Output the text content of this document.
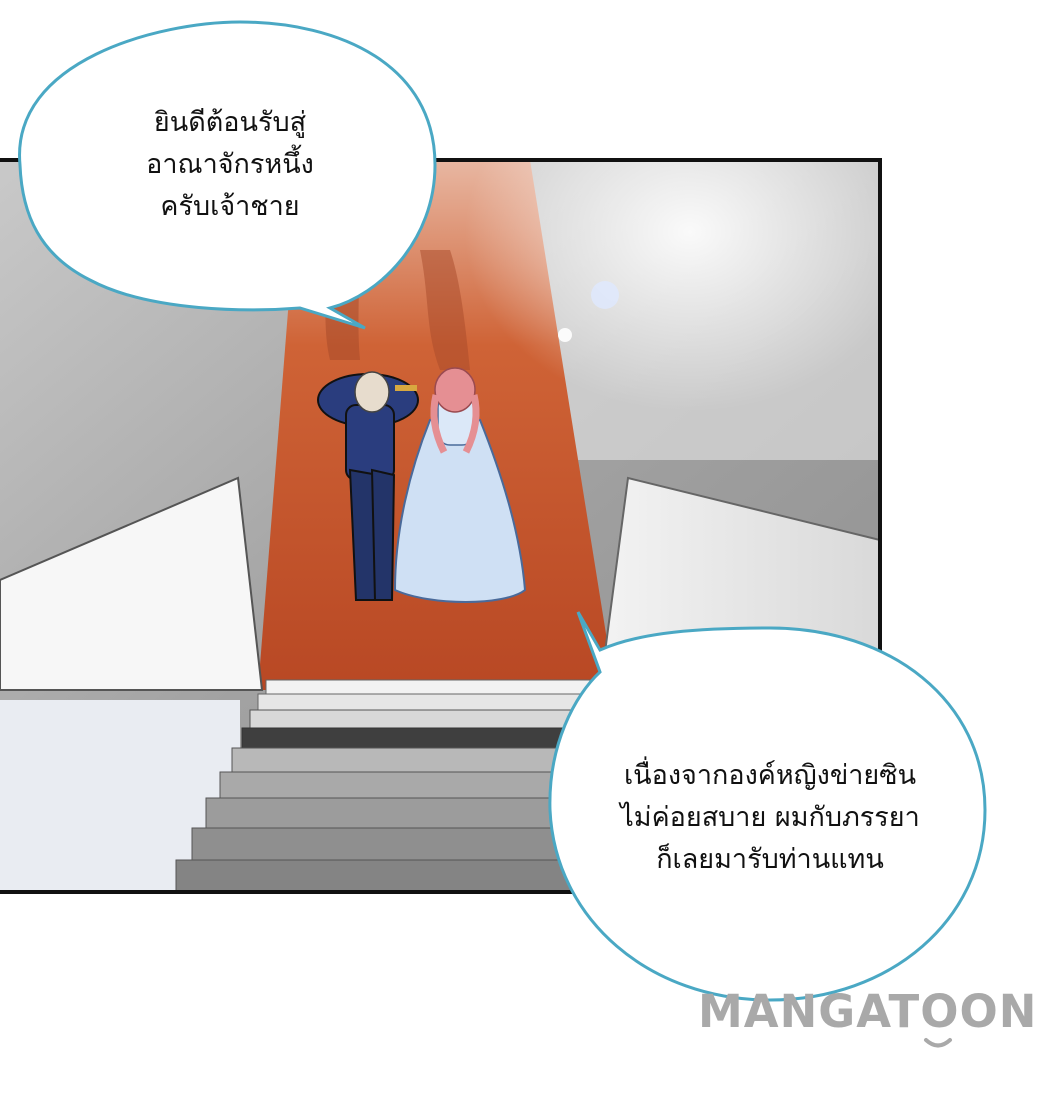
ยินดีต้อนรับสู่
อาณาจักรหนึ้ง
ครับเจ้าชาย
เนื่องจากองค์หญิงข่ายซิน
ไม่ค่อยสบาย ผมกับภรรยา
ก็เลยมารับท่านแทน
MANGATOON
